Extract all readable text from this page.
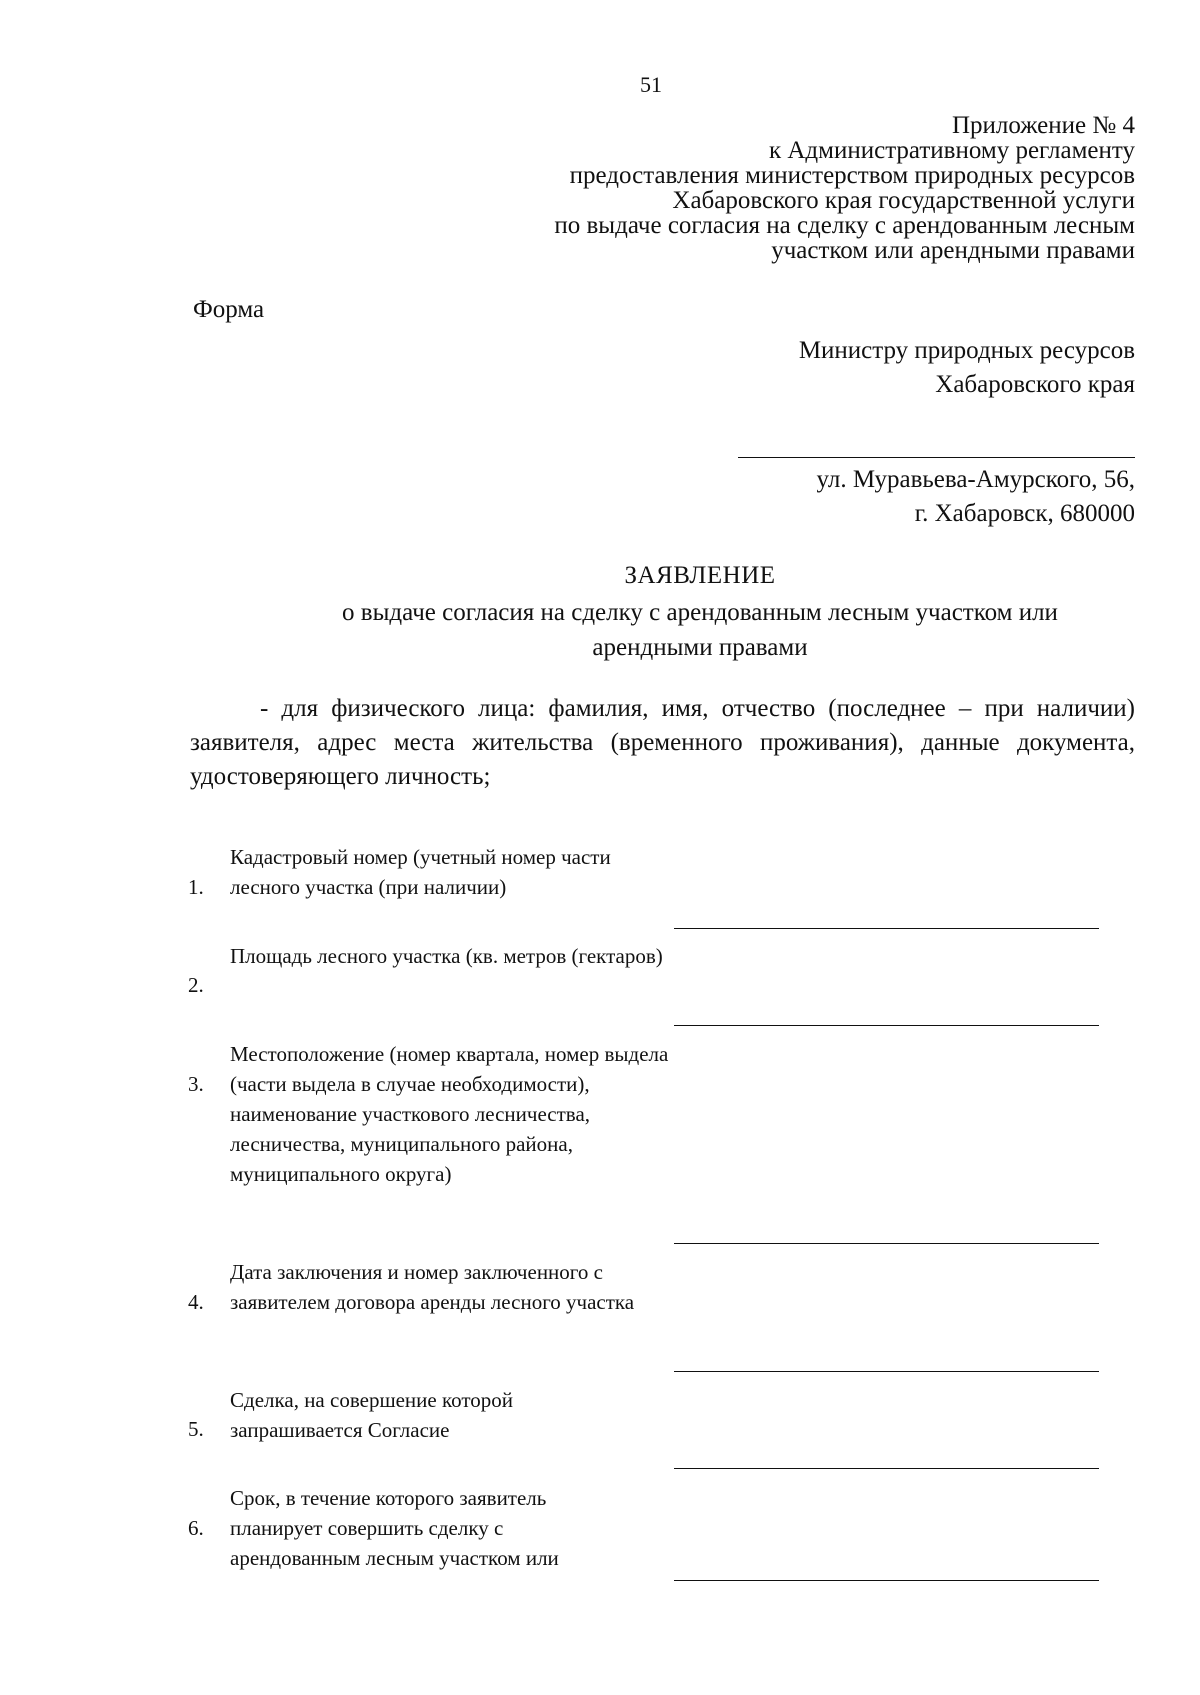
51
Приложение № 4
к Административному регламенту
предоставления министерством природных ресурсов
Хабаровского края государственной услуги
по выдаче согласия на сделку с арендованным лесным
участком или арендными правами
Форма
Министру природных ресурсов
Хабаровского края
ул. Муравьева-Амурского, 56,
г. Хабаровск, 680000
ЗАЯВЛЕНИЕ
о выдаче согласия на сделку с арендованным лесным участком или арендными правами
- для физического лица: фамилия, имя, отчество (последнее – при наличии) заявителя, адрес места жительства (временного проживания), данные документа, удостоверяющего личность;
1.
Кадастровый номер (учетный номер части лесного участка (при наличии)
2.
Площадь лесного участка (кв. метров (гектаров)
3.
Местоположение (номер квартала, номер выдела (части выдела в случае необходимости), наименование участкового лесничества, лесничества, муниципального района, муниципального округа)
4.
Дата заключения и номер заключенного с заявителем договора аренды лесного участка
5.
Сделка, на совершение которой запрашивается Согласие
6.
Срок, в течение которого заявитель планирует совершить сделку с арендованным лесным участком или
